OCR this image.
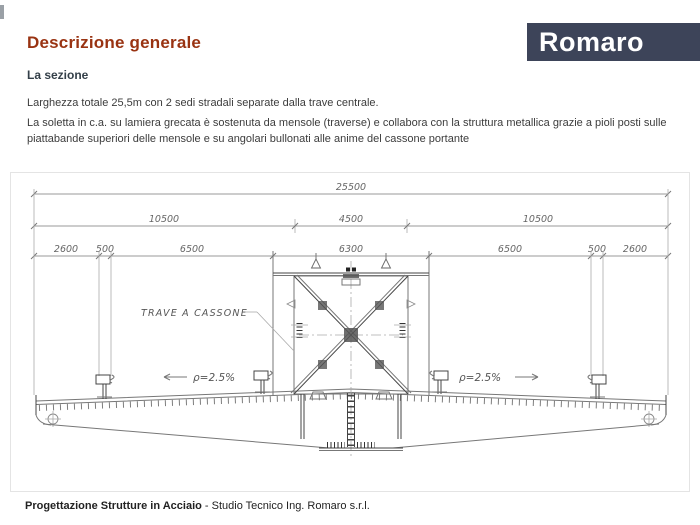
Descrizione generale	Romaro
La sezione

Larghezza totale 25,5m con 2 sedi stradali separate dalla trave centrale.

La soletta in c.a. su lamiera grecata è sostenuta da mensole (traverse) e collabora con la struttura metallica grazie a pioli posti sulle piattabande superiori delle mensole e su angolari bullonati alle anime del cassone portante

25500
10500	4500	10500
2600 500	6500	6300	6500	500 2600
TRAVE A CASSONE
ρ=2.5%	ρ=2.5%
Progettazione Strutture in Acciaio - Studio Tecnico Ing. Romaro s.r.l.
